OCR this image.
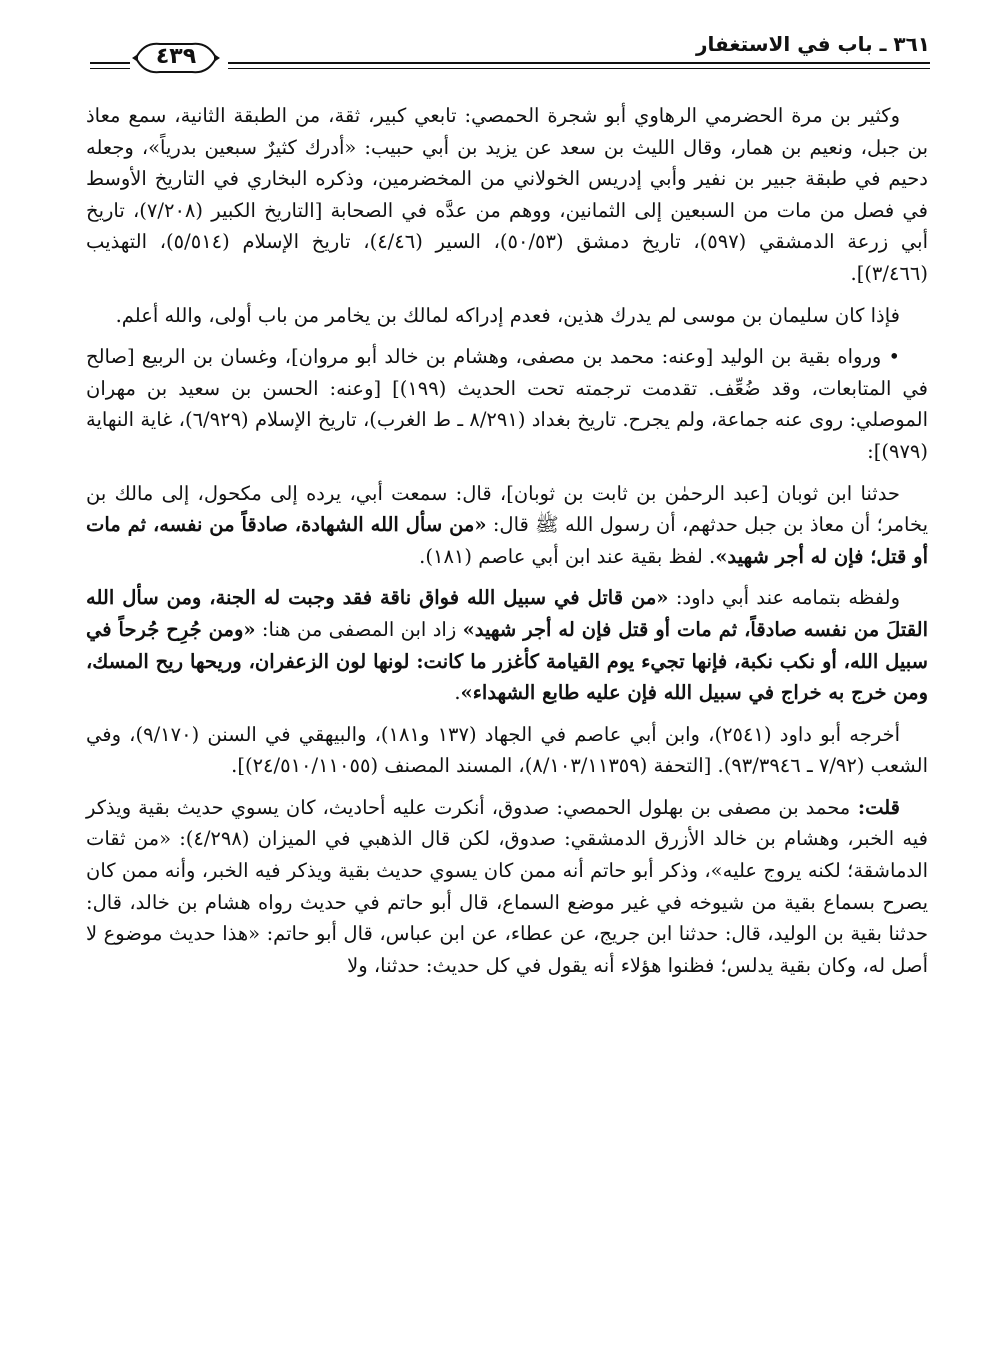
٣٦١ ـ باب في الاستغفار
٤٣٩

وكثير بن مرة الحضرمي الرهاوي أبو شجرة الحمصي: تابعي كبير، ثقة، من الطبقة الثانية، سمع معاذ بن جبل، ونعيم بن همار، وقال الليث بن سعد عن يزيد بن أبي حبيب: «أدرك كثيرٌ سبعين بدرياً»، وجعله دحيم في طبقة جبير بن نفير وأبي إدريس الخولاني من المخضرمين، وذكره البخاري في التاريخ الأوسط في فصل من مات من السبعين إلى الثمانين، ووهم من عدَّه في الصحابة [التاريخ الكبير (٧/٢٠٨)، تاريخ أبي زرعة الدمشقي (٥٩٧)، تاريخ دمشق (٥٠/٥٣)، السير (٤/٤٦)، تاريخ الإسلام (٥/٥١٤)، التهذيب (٣/٤٦٦)].

فإذا كان سليمان بن موسى لم يدرك هذين، فعدم إدراكه لمالك بن يخامر من باب أولى، والله أعلم.

• ورواه بقية بن الوليد [وعنه: محمد بن مصفى، وهشام بن خالد أبو مروان]، وغسان بن الربيع [صالح في المتابعات، وقد ضُعِّف. تقدمت ترجمته تحت الحديث (١٩٩)] [وعنه: الحسن بن سعيد بن مهران الموصلي: روى عنه جماعة، ولم يجرح. تاريخ بغداد (٨/٢٩١ ـ ط الغرب)، تاريخ الإسلام (٦/٩٢٩)، غاية النهاية (٩٧٩)]:

حدثنا ابن ثوبان [عبد الرحمٰن بن ثابت بن ثوبان]، قال: سمعت أبي، يرده إلى مكحول، إلى مالك بن يخامر؛ أن معاذ بن جبل حدثهم، أن رسول الله ﷺ قال: «من سأل الله الشهادة، صادقاً من نفسه، ثم مات أو قتل؛ فإن له أجر شهيد». لفظ بقية عند ابن أبي عاصم (١٨١).

ولفظه بتمامه عند أبي داود: «من قاتل في سبيل الله فواق ناقة فقد وجبت له الجنة، ومن سأل الله القتلَ من نفسه صادقاً، ثم مات أو قتل فإن له أجر شهيد» زاد ابن المصفى من هنا: «ومن جُرِح جُرحاً في سبيل الله، أو نكب نكبة، فإنها تجيء يوم القيامة كأغزر ما كانت: لونها لون الزعفران، وريحها ريح المسك، ومن خرج به خراج في سبيل الله فإن عليه طابع الشهداء».

أخرجه أبو داود (٢٥٤١)، وابن أبي عاصم في الجهاد (١٣٧ و١٨١)، والبيهقي في السنن (٩/١٧٠)، وفي الشعب (٧/٩٢ ـ ٩٣/٣٩٤٦). [التحفة (٨/١٠٣/١١٣٥٩)، المسند المصنف (٢٤/٥١٠/١١٠٥٥)].

قلت: محمد بن مصفى بن بهلول الحمصي: صدوق، أنكرت عليه أحاديث، كان يسوي حديث بقية ويذكر فيه الخبر، وهشام بن خالد الأزرق الدمشقي: صدوق، لكن قال الذهبي في الميزان (٤/٢٩٨): «من ثقات الدماشقة؛ لكنه يروج عليه»، وذكر أبو حاتم أنه ممن كان يسوي حديث بقية ويذكر فيه الخبر، وأنه ممن كان يصرح بسماع بقية من شيوخه في غير موضع السماع، قال أبو حاتم في حديث رواه هشام بن خالد، قال: حدثنا بقية بن الوليد، قال: حدثنا ابن جريج، عن عطاء، عن ابن عباس، قال أبو حاتم: «هذا حديث موضوع لا أصل له، وكان بقية يدلس؛ فظنوا هؤلاء أنه يقول في كل حديث: حدثنا، ولا
